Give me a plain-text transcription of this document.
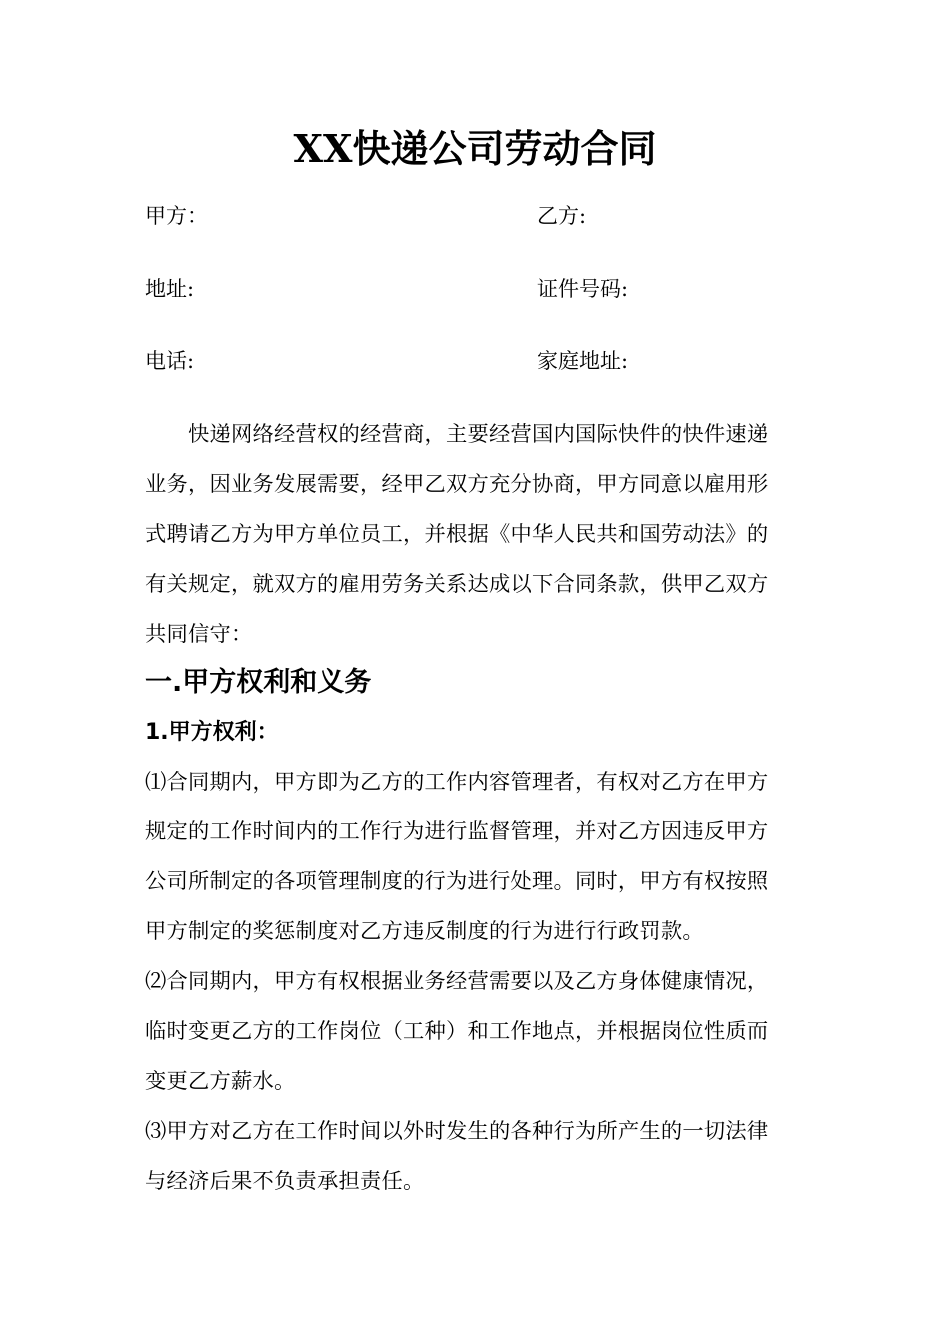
XX快递公司劳动合同
甲方：	乙方:
地址:	证件号码:
电话:	家庭地址:
快递网络经营权的经营商，主要经营国内国际快件的快件速递
业务，因业务发展需要，经甲乙双方充分协商，甲方同意以雇用形
式聘请乙方为甲方单位员工，并根据《中华人民共和国劳动法》的
有关规定，就双方的雇用劳务关系达成以下合同条款，供甲乙双方
共同信守：
一.甲方权利和义务
1.甲方权利：
⑴合同期内，甲方即为乙方的工作内容管理者，有权对乙方在甲方
规定的工作时间内的工作行为进行监督管理，并对乙方因违反甲方
公司所制定的各项管理制度的行为进行处理。同时，甲方有权按照
甲方制定的奖惩制度对乙方违反制度的行为进行行政罚款。
⑵合同期内，甲方有权根据业务经营需要以及乙方身体健康情况，
临时变更乙方的工作岗位（工种）和工作地点，并根据岗位性质而
变更乙方薪水。
⑶甲方对乙方在工作时间以外时发生的各种行为所产生的一切法律
与经济后果不负责承担责任。
